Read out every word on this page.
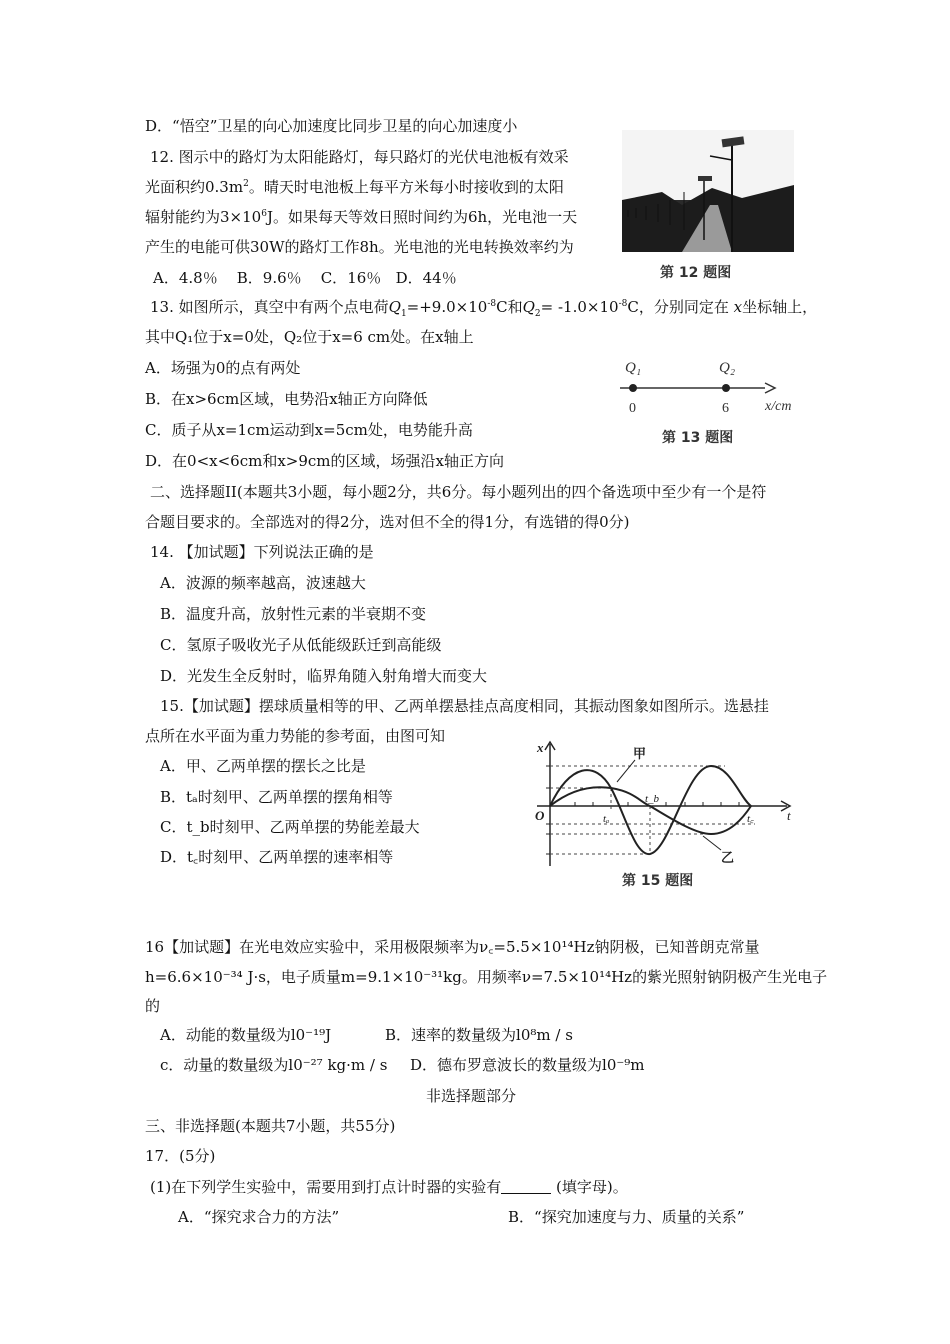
D．“悟空”卫星的向心加速度比同步卫星的向心加速度小
12. 图示中的路灯为太阳能路灯，每只路灯的光伏电池板有效采
光面积约$0.3m^2$。晴天时电池板上每平方米每小时接收到的太阳
辐射能约为$3\times 10^6J$。如果每天等效日照时间约为6h，光电池一天
产生的电能可供30W的路灯工作8h。光电池的光电转换效率约为
A．4.8％    B．9.6％    C．16％   D．44％	第 12 题图
13. 如图所示，真空中有两个点电荷$Q_1=+9.0\times 10^{-8}C$和$Q_2= -1.0\times 10^{-8}C$，分别同定在 x坐标轴上，
其中Q₁位于x=0处，Q₂位于x=6 cm处。在x轴上
A．场强为0的点有两处
B．在x>6cm区域，电势沿x轴正方向降低
C．质子从x=1cm运动到x=5cm处，电势能升高
D．在0<x<6cm和x>9cm的区域，场强沿x轴正方向
Q₁	Q₂
0	6	x/cm
第 13 题图
二、选择题II(本题共3小题，每小题2分，共6分。每小题列出的四个备选项中至少有一个是符
合题目要求的。全部选对的得2分，选对但不全的得1分，有选错的得0分)
14. 【加试题】下列说法正确的是
A．波源的频率越高，波速越大
B．温度升高，放射性元素的半衰期不变
C．氢原子吸收光子从低能级跃迁到高能级
D．光发生全反射时，临界角随入射角增大而变大
15.【加试题】摆球质量相等的甲、乙两单摆悬挂点高度相同，其振动图象如图所示。选悬挂
点所在水平面为重力势能的参考面，由图可知
A．甲、乙两单摆的摆长之比是
B．tₐ时刻甲、乙两单摆的摆角相等
C．t_b时刻甲、乙两单摆的势能差最大
D．t꜀时刻甲、乙两单摆的速率相等
x
t
O
甲
乙
tₐ
t_b
t꜀
第 15 题图
16【加试题】在光电效应实验中，采用极限频率为ν꜀=5.5×10¹⁴Hz钠阴极，已知普朗克常量
h=6.6×10⁻³⁴ J·s，电子质量m=9.1×10⁻³¹kg。用频率ν=7.5×10¹⁴Hz的紫光照射钠阴极产生光电子
的
A．动能的数量级为l0⁻¹⁹J	B．速率的数量级为l0⁸m / s
c．动量的数量级为l0⁻²⁷ kg·m / s D．德布罗意波长的数量级为l0⁻⁹m
非选择题部分
三、非选择题(本题共7小题，共55分)
17．(5分)
(1)在下列学生实验中，需要用到打点计时器的实验有	(填字母)。
A．“探究求合力的方法”	B．“探究加速度与力、质量的关系”
